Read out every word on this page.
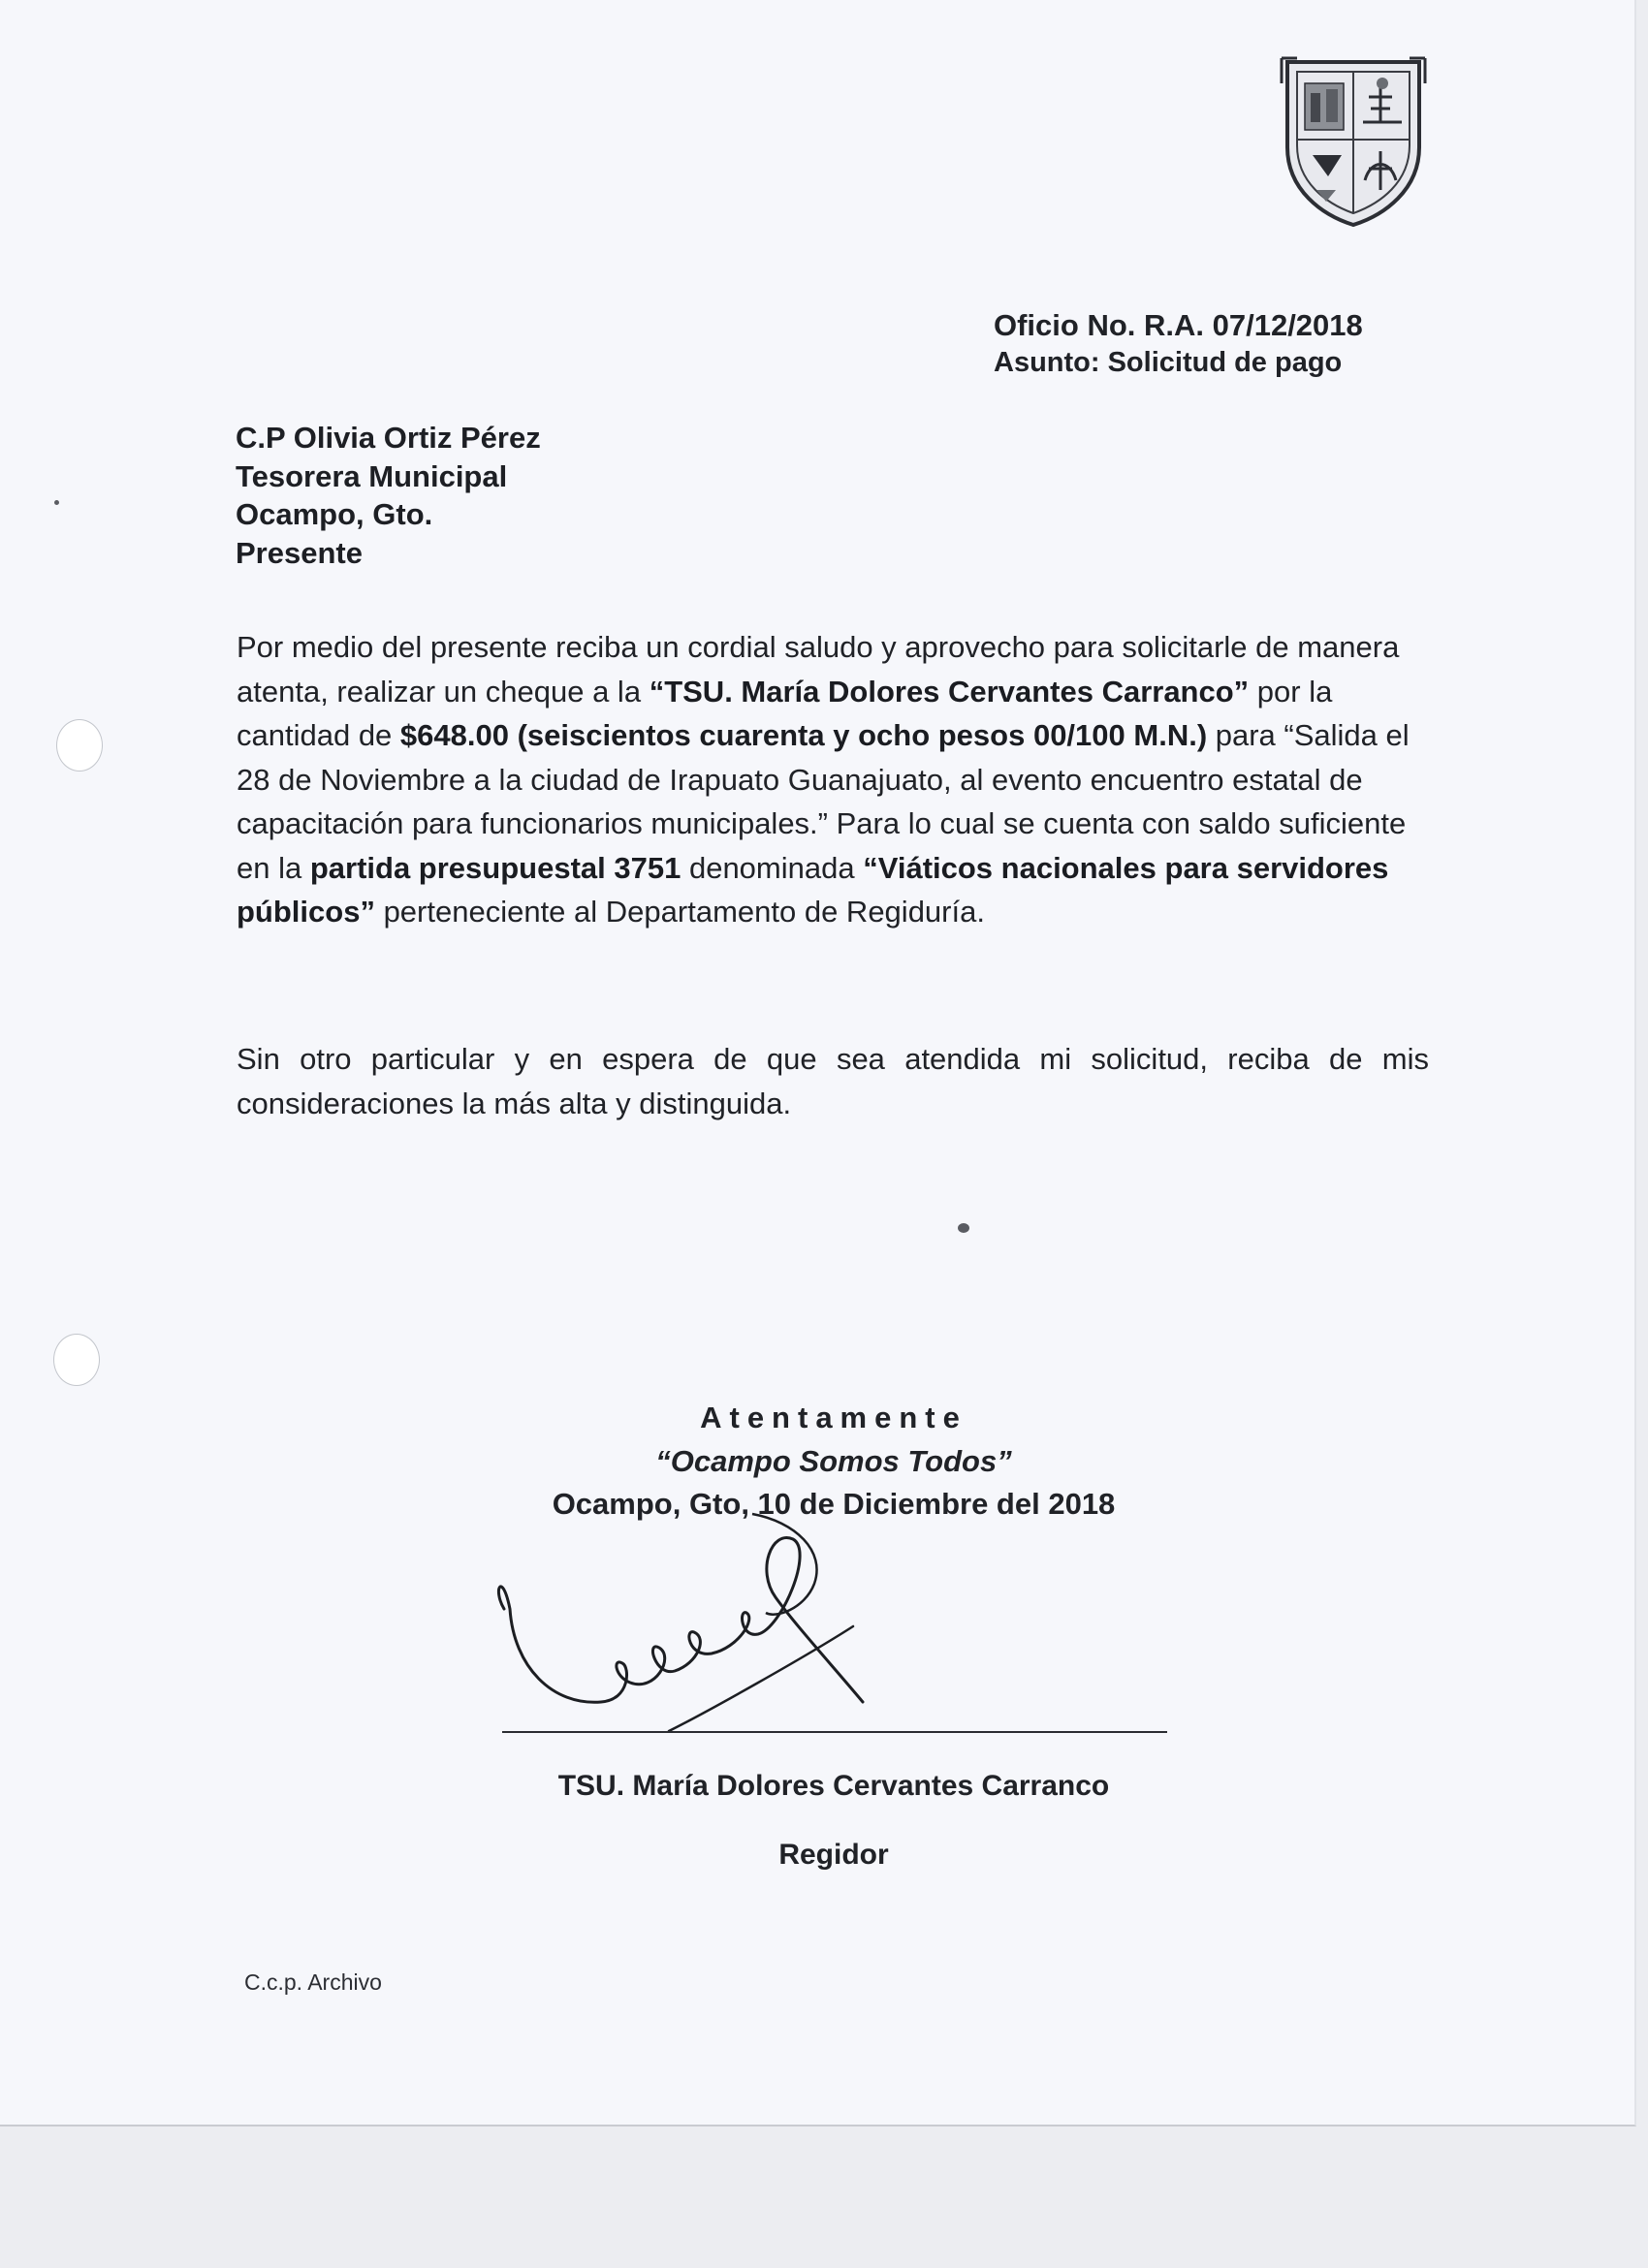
Oficio No. R.A. 07/12/2018
Asunto: Solicitud de pago
C.P Olivia Ortiz Pérez
Tesorera Municipal
Ocampo, Gto.
Presente
Por medio del presente reciba un cordial saludo y aprovecho para solicitarle de manera atenta, realizar un cheque a la “TSU. María Dolores Cervantes Carranco” por la cantidad de $648.00 (seiscientos cuarenta y ocho pesos 00/100 M.N.) para “Salida el 28 de Noviembre a la ciudad de Irapuato Guanajuato, al evento encuentro estatal de capacitación para funcionarios municipales.” Para lo cual se cuenta con saldo suficiente en la partida presupuestal 3751 denominada “Viáticos nacionales para servidores públicos” perteneciente al Departamento de Regiduría.
Sin otro particular y en espera de que sea atendida mi solicitud, reciba de mis consideraciones la más alta y distinguida.
Atentamente
“Ocampo Somos Todos”
Ocampo, Gto, 10 de Diciembre del 2018
TSU. María Dolores Cervantes Carranco
Regidor
C.c.p. Archivo
